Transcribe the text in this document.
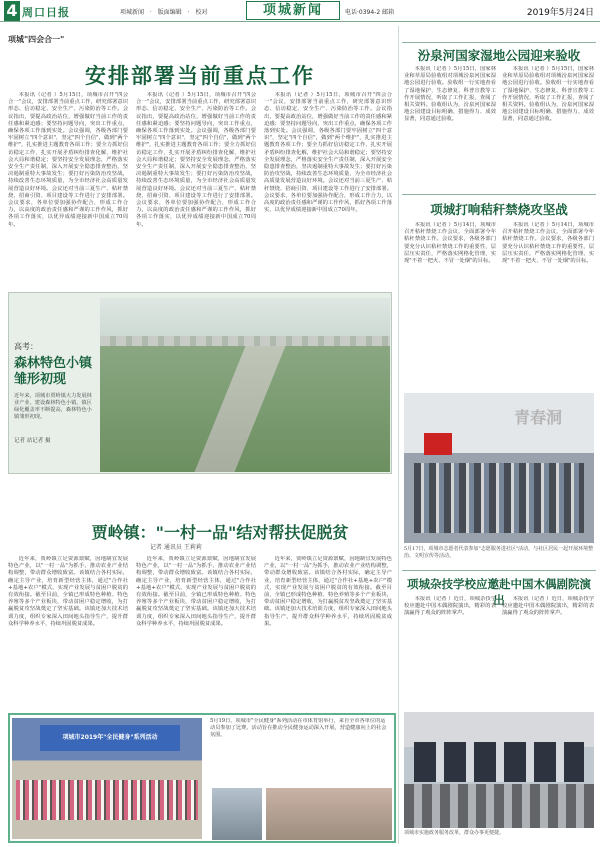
4 周口日报	项城新闻 · 版面编辑 · 校对	项城新闻	电话·0394-2 邮箱	2019年5月24日
项城"四会合一"
安排部署当前重点工作

本报讯（记者 ）5月15日，项城市召开"四会合一"会议，安排部署当前重点工作，研究部署意识形态、信访稳定、安全生产、污染防治等工作。会议指出，要提高政治站位，增强做好当前工作的责任感和紧迫感；要坚持问题导向，突出工作重点，确保各项工作落到实处。会议强调，各级各部门要牢固树立"四个意识"，坚定"四个自信"，做到"两个维护"，扎实推进主题教育各项工作；要全力抓好信访稳定工作，扎实开展矛盾纠纷排查化解，维护社会大局和谐稳定；要坚持安全发展理念，严格落实安全生产责任制，深入开展安全隐患排查整治，坚决遏制重特大事故发生；要打好污染防治攻坚战，持续改善生态环境质量，为全市经济社会高质量发展营造良好环境。会议还对当前三夏生产、秸秆禁烧、招商引资、项目建设等工作进行了安排部署。会议要求，各单位要加强协作配合，形成工作合力，以高度的政治责任感和严谨的工作作风，抓好各项工作落实，以优异成绩迎接新中国成立70周年。

本报讯（记者 ）5月15日，项城市召开"四会合一"会议，安排部署当前重点工作，研究部署意识形态、信访稳定、安全生产、污染防治等工作。会议指出，要提高政治站位，增强做好当前工作的责任感和紧迫感；要坚持问题导向，突出工作重点，确保各项工作落到实处。会议强调，各级各部门要牢固树立"四个意识"，坚定"四个自信"，做到"两个维护"，扎实推进主题教育各项工作；要全力抓好信访稳定工作，扎实开展矛盾纠纷排查化解，维护社会大局和谐稳定；要坚持安全发展理念，严格落实安全生产责任制，深入开展安全隐患排查整治，坚决遏制重特大事故发生；要打好污染防治攻坚战，持续改善生态环境质量，为全市经济社会高质量发展营造良好环境。会议还对当前三夏生产、秸秆禁烧、招商引资、项目建设等工作进行了安排部署。会议要求，各单位要加强协作配合，形成工作合力，以高度的政治责任感和严谨的工作作风，抓好各项工作落实，以优异成绩迎接新中国成立70周年。

本报讯（记者 ）5月15日，项城市召开"四会合一"会议，安排部署当前重点工作，研究部署意识形态、信访稳定、安全生产、污染防治等工作。会议指出，要提高政治站位，增强做好当前工作的责任感和紧迫感；要坚持问题导向，突出工作重点，确保各项工作落到实处。会议强调，各级各部门要牢固树立"四个意识"，坚定"四个自信"，做到"两个维护"，扎实推进主题教育各项工作；要全力抓好信访稳定工作，扎实开展矛盾纠纷排查化解，维护社会大局和谐稳定；要坚持安全发展理念，严格落实安全生产责任制，深入开展安全隐患排查整治，坚决遏制重特大事故发生；要打好污染防治攻坚战，持续改善生态环境质量，为全市经济社会高质量发展营造良好环境。会议还对当前三夏生产、秸秆禁烧、招商引资、项目建设等工作进行了安排部署。会议要求，各单位要加强协作配合，形成工作合力，以高度的政治责任感和严谨的工作作风，抓好各项工作落实，以优异成绩迎接新中国成立70周年。

高考：
森林特色小镇雏形初现
近年来，项城市贾岭镇大力发展林业产业，建设森林特色小镇，镇区绿化覆盖率不断提高，森林特色小镇雏形初现。
记者 站记者 摄
贾岭镇："一村一品"结对帮扶促脱贫
记者 通讯员 王莉莉

近年来，贾岭镇立足资源禀赋，因地制宜发展特色产业，以"一村一品"为抓手，推动农业产业结构调整，带动群众增收致富。该镇结合各村实际，确定主导产业，培育新型经营主体，通过"合作社+基地+农户"模式，实现产业发展与贫困户脱贫的有效衔接。截至目前，全镇已形成特色种植、特色养殖等多个产业板块，带动贫困户稳定增收，为打赢脱贫攻坚战奠定了坚实基础。该镇还加大技术培训力度，组织专家深入田间地头指导生产，提升群众科学种养水平，持续巩固脱贫成果。

近年来，贾岭镇立足资源禀赋，因地制宜发展特色产业，以"一村一品"为抓手，推动农业产业结构调整，带动群众增收致富。该镇结合各村实际，确定主导产业，培育新型经营主体，通过"合作社+基地+农户"模式，实现产业发展与贫困户脱贫的有效衔接。截至目前，全镇已形成特色种植、特色养殖等多个产业板块，带动贫困户稳定增收，为打赢脱贫攻坚战奠定了坚实基础。该镇还加大技术培训力度，组织专家深入田间地头指导生产，提升群众科学种养水平，持续巩固脱贫成果。

近年来，贾岭镇立足资源禀赋，因地制宜发展特色产业，以"一村一品"为抓手，推动农业产业结构调整，带动群众增收致富。该镇结合各村实际，确定主导产业，培育新型经营主体，通过"合作社+基地+农户"模式，实现产业发展与贫困户脱贫的有效衔接。截至目前，全镇已形成特色种植、特色养殖等多个产业板块，带动贫困户稳定增收，为打赢脱贫攻坚战奠定了坚实基础。该镇还加大技术培训力度，组织专家深入田间地头指导生产，提升群众科学种养水平，持续巩固脱贫成果。

项城市2019年"全民健身"系列活动
5月19日，项城市"全民健身"系列活动在市体育馆举行，来自全市各单位的运动员参加了比赛。活动旨在推动全民健身运动深入开展，营造健康向上的社会氛围。
汾泉河国家湿地公园迎来验收

本报讯（记者 ）5月15日，国家林业和草原局验收组对项城汾泉河国家湿地公园进行验收。验收组一行实地查看了湿地保护、生态修复、科普宣教等工作开展情况，听取了工作汇报，查阅了相关资料。验收组认为，汾泉河国家湿地公园建设目标明确、措施得力、成效显著，同意通过验收。

本报讯（记者 ）5月15日，国家林业和草原局验收组对项城汾泉河国家湿地公园进行验收。验收组一行实地查看了湿地保护、生态修复、科普宣教等工作开展情况，听取了工作汇报，查阅了相关资料。验收组认为，汾泉河国家湿地公园建设目标明确、措施得力、成效显著，同意通过验收。

项城打响秸秆禁烧攻坚战

本报讯（记者 ）5月14日，项城市召开秸秆禁烧工作会议，全面部署今年秸秆禁烧工作。会议要求，各级各部门要充分认识秸秆禁烧工作的重要性，层层压实责任，严格落实网格化管理，实现"不着一把火、不冒一处烟"的目标。

本报讯（记者 ）5月14日，项城市召开秸秆禁烧工作会议，全面部署今年秸秆禁烧工作。会议要求，各级各部门要充分认识秸秆禁烧工作的重要性，层层压实责任，严格落实网格化管理，实现"不着一把火、不冒一处烟"的目标。

青春洞
5月17日，项城市志愿者代表参加"志愿服务进社区"活动，与社区居民一起开展环境整治、文明宣传等活动。
项城杂技学校应邀赴中国木偶剧院演出

本报讯（记者 ）近日，项城杂技学校应邀赴中国木偶剧院演出，精彩的表演赢得了观众的阵阵掌声。

本报讯（记者 ）近日，项城杂技学校应邀赴中国木偶剧院演出，精彩的表演赢得了观众的阵阵掌声。

项城市实施政务服务改革，群众办事更便捷。
